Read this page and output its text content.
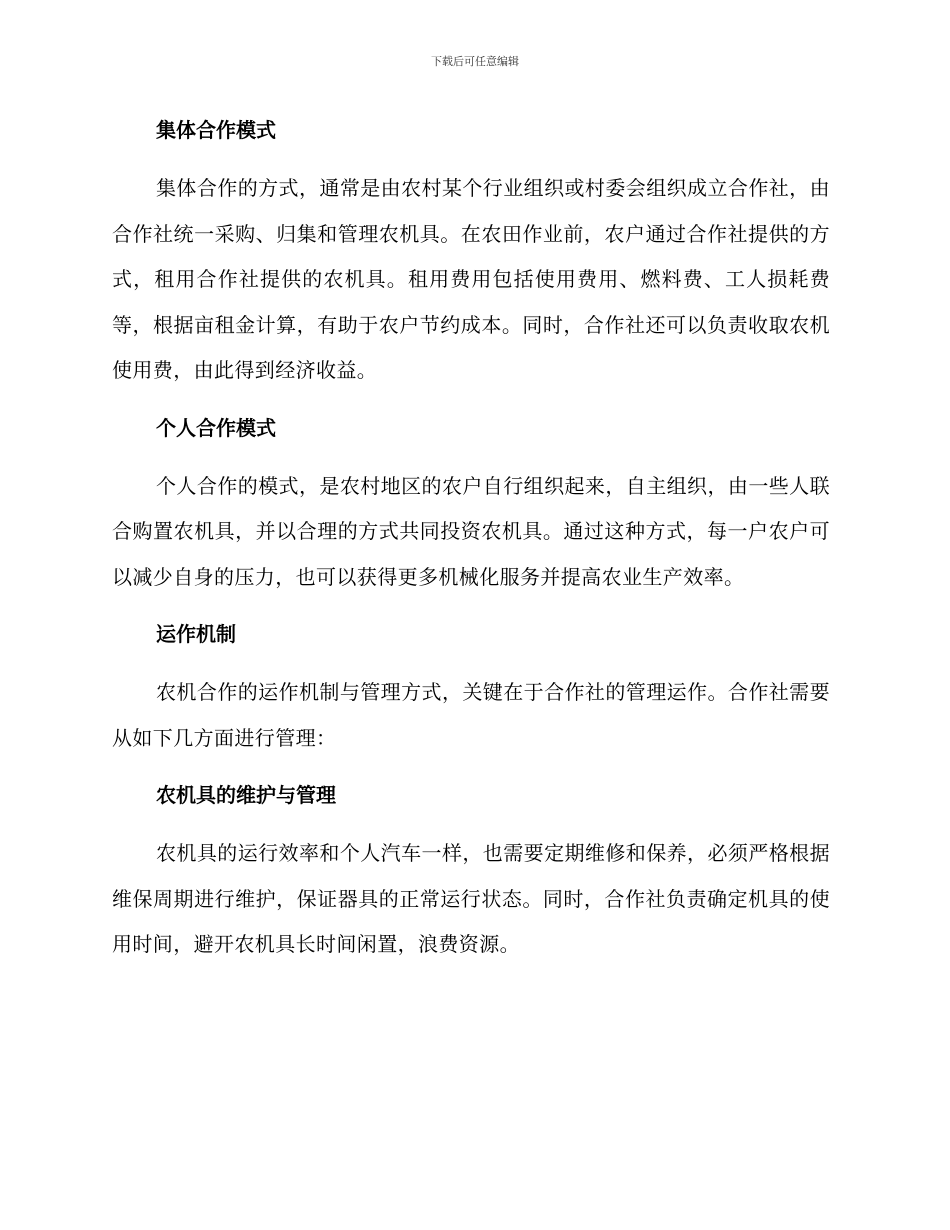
下载后可任意编辑
集体合作模式

集体合作的方式，通常是由农村某个行业组织或村委会组织成立合作社，由合作社统一采购、归集和管理农机具。在农田作业前，农户通过合作社提供的方式，租用合作社提供的农机具。租用费用包括使用费用、燃料费、工人损耗费等，根据亩租金计算，有助于农户节约成本。同时，合作社还可以负责收取农机使用费，由此得到经济收益。

个人合作模式

个人合作的模式，是农村地区的农户自行组织起来，自主组织，由一些人联合购置农机具，并以合理的方式共同投资农机具。通过这种方式，每一户农户可以减少自身的压力，也可以获得更多机械化服务并提高农业生产效率。

运作机制

农机合作的运作机制与管理方式，关键在于合作社的管理运作。合作社需要从如下几方面进行管理：

农机具的维护与管理

农机具的运行效率和个人汽车一样，也需要定期维修和保养，必须严格根据维保周期进行维护，保证器具的正常运行状态。同时，合作社负责确定机具的使用时间，避开农机具长时间闲置，浪费资源。
